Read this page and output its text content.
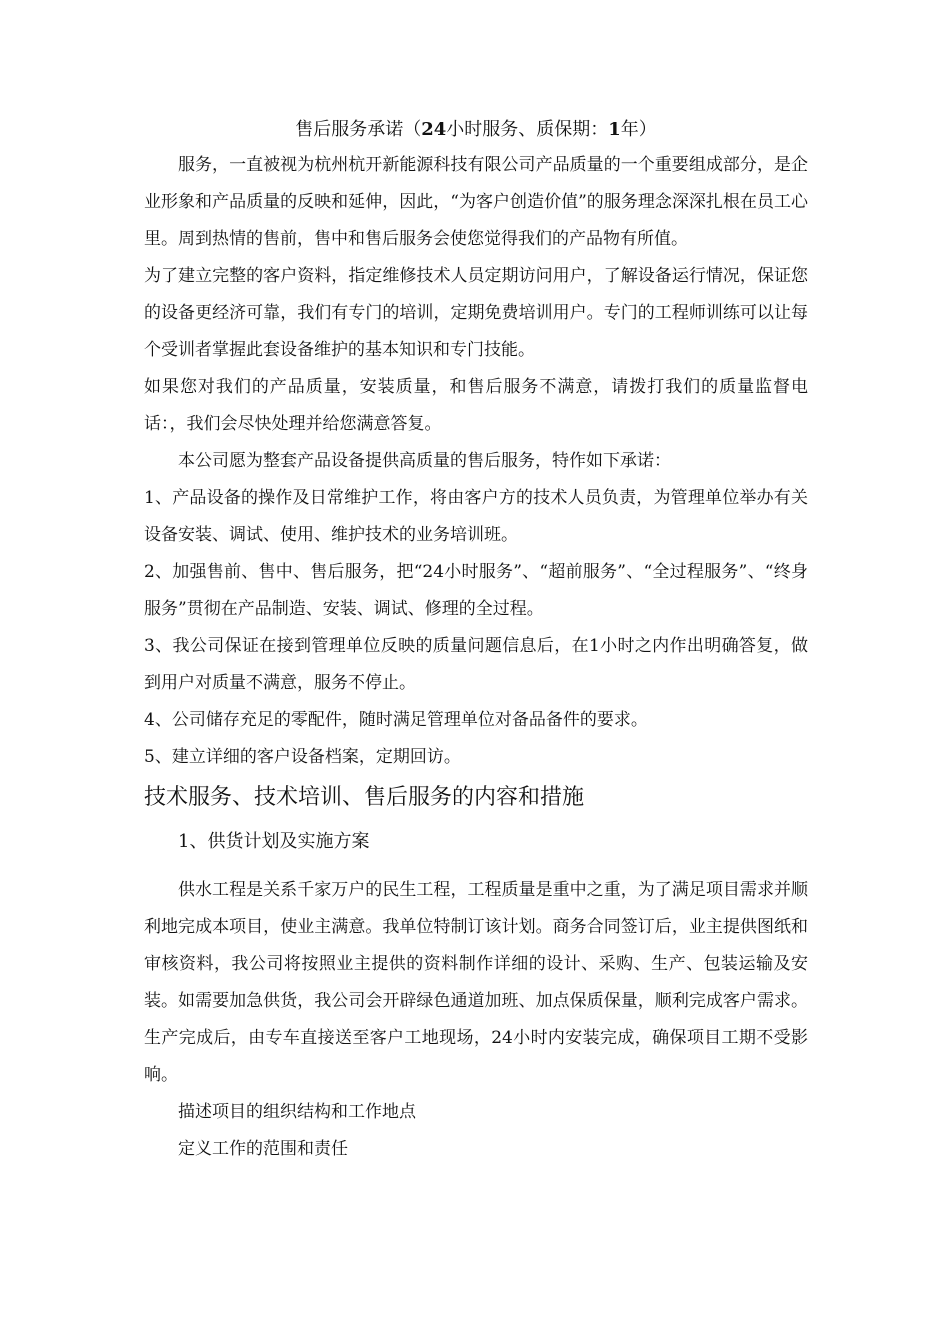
售后服务承诺（24小时服务、质保期：1年）

服务，一直被视为杭州杭开新能源科技有限公司产品质量的一个重要组成部分，是企业形象和产品质量的反映和延伸，因此，“为客户创造价值”的服务理念深深扎根在员工心里。周到热情的售前，售中和售后服务会使您觉得我们的产品物有所值。

为了建立完整的客户资料，指定维修技术人员定期访问用户，了解设备运行情况，保证您的设备更经济可靠，我们有专门的培训，定期免费培训用户。专门的工程师训练可以让每个受训者掌握此套设备维护的基本知识和专门技能。

如果您对我们的产品质量，安装质量，和售后服务不满意，请拨打我们的质量监督电话：，我们会尽快处理并给您满意答复。

本公司愿为整套产品设备提供高质量的售后服务，特作如下承诺：

1、产品设备的操作及日常维护工作，将由客户方的技术人员负责，为管理单位举办有关设备安装、调试、使用、维护技术的业务培训班。

2、加强售前、售中、售后服务，把“24小时服务”、“超前服务”、“全过程服务”、“终身服务”贯彻在产品制造、安装、调试、修理的全过程。

3、我公司保证在接到管理单位反映的质量问题信息后，在1小时之内作出明确答复，做到用户对质量不满意，服务不停止。

4、公司储存充足的零配件，随时满足管理单位对备品备件的要求。

5、建立详细的客户设备档案，定期回访。

技术服务、技术培训、售后服务的内容和措施
1、供货计划及实施方案

供水工程是关系千家万户的民生工程，工程质量是重中之重，为了满足项目需求并顺利地完成本项目，使业主满意。我单位特制订该计划。商务合同签订后，业主提供图纸和审核资料，我公司将按照业主提供的资料制作详细的设计、采购、生产、包装运输及安装。如需要加急供货，我公司会开辟绿色通道加班、加点保质保量，顺利完成客户需求。生产完成后，由专车直接送至客户工地现场，24小时内安装完成，确保项目工期不受影响。

描述项目的组织结构和工作地点

定义工作的范围和责任
